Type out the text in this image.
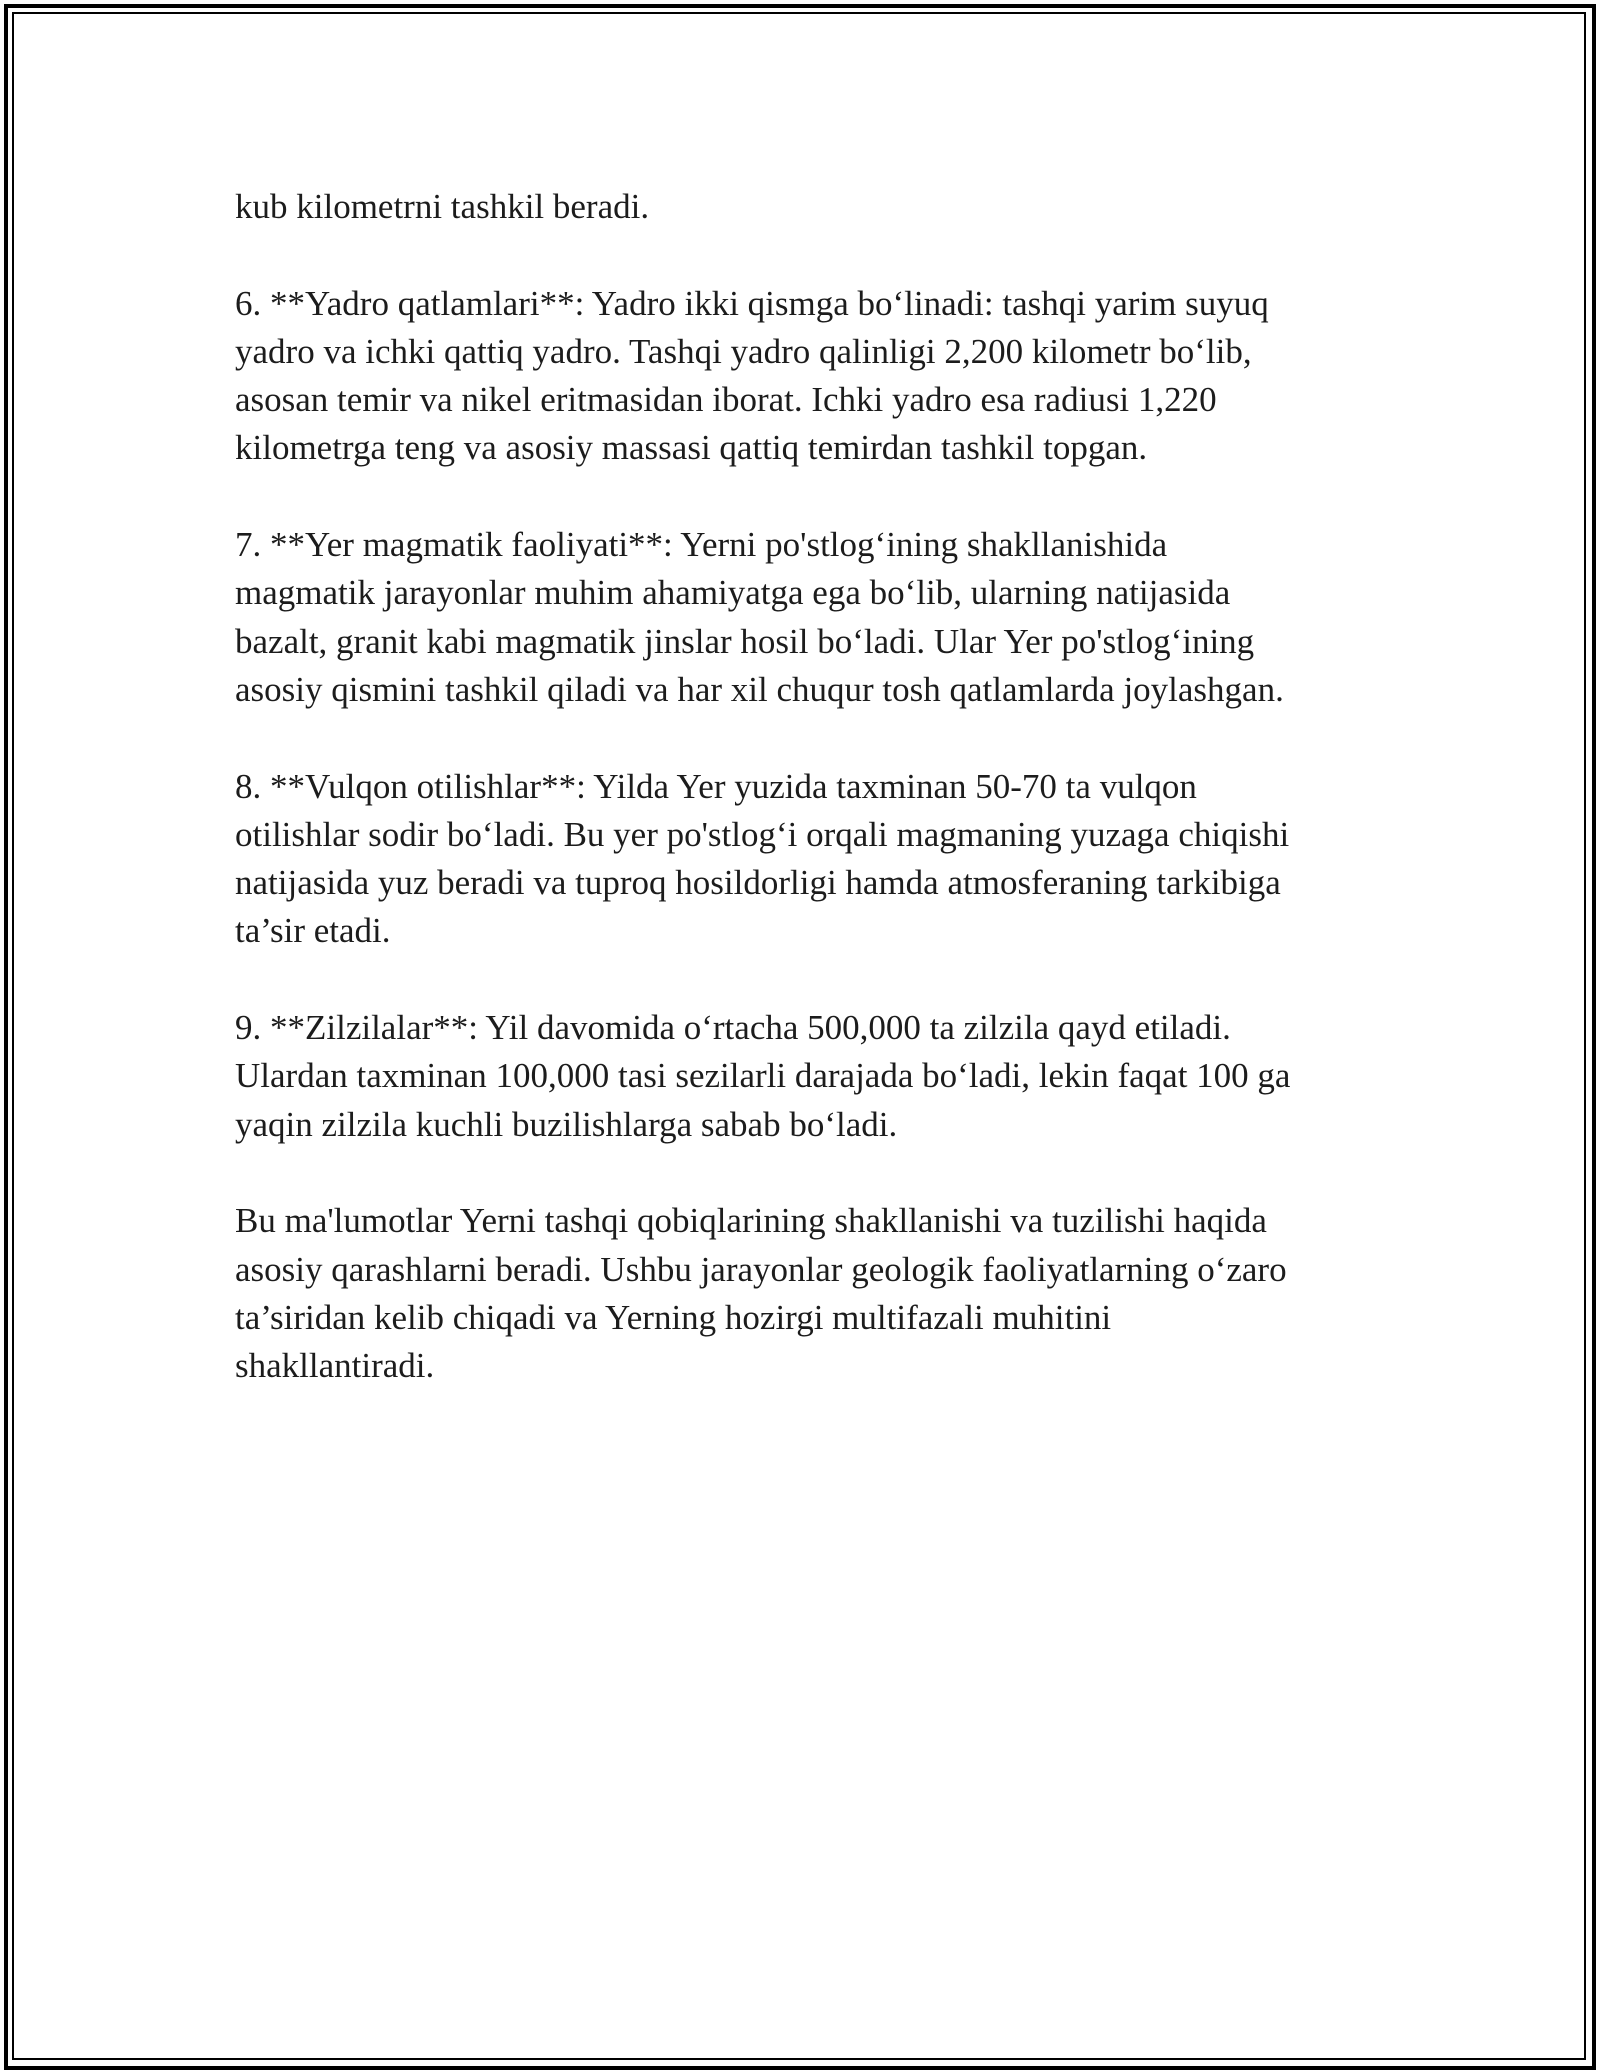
kub kilometrni tashkil beradi.

6. **Yadro qatlamlari**: Yadro ikki qismga bo‘linadi: tashqi yarim suyuq
yadro va ichki qattiq yadro. Tashqi yadro qalinligi 2,200 kilometr bo‘lib,
asosan temir va nikel eritmasidan iborat. Ichki yadro esa radiusi 1,220
kilometrga teng va asosiy massasi qattiq temirdan tashkil topgan.

7. **Yer magmatik faoliyati**: Yerni po'stlog‘ining shakllanishida
magmatik jarayonlar muhim ahamiyatga ega bo‘lib, ularning natijasida
bazalt, granit kabi magmatik jinslar hosil bo‘ladi. Ular Yer po'stlog‘ining
asosiy qismini tashkil qiladi va har xil chuqur tosh qatlamlarda joylashgan.

8. **Vulqon otilishlar**: Yilda Yer yuzida taxminan 50-70 ta vulqon
otilishlar sodir bo‘ladi. Bu yer po'stlog‘i orqali magmaning yuzaga chiqishi
natijasida yuz beradi va tuproq hosildorligi hamda atmosferaning tarkibiga
ta’sir etadi.

9. **Zilzilalar**: Yil davomida o‘rtacha 500,000 ta zilzila qayd etiladi.
Ulardan taxminan 100,000 tasi sezilarli darajada bo‘ladi, lekin faqat 100 ga
yaqin zilzila kuchli buzilishlarga sabab bo‘ladi.

Bu ma'lumotlar Yerni tashqi qobiqlarining shakllanishi va tuzilishi haqida
asosiy qarashlarni beradi. Ushbu jarayonlar geologik faoliyatlarning o‘zaro
ta’siridan kelib chiqadi va Yerning hozirgi multifazali muhitini
shakllantiradi.
